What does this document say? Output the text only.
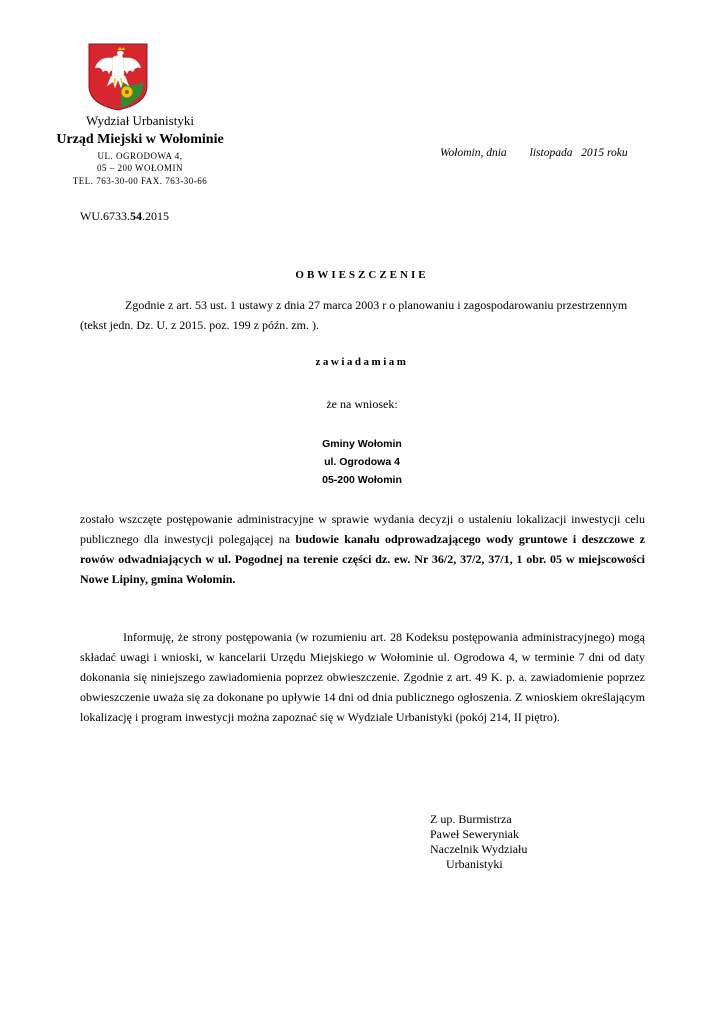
Wydział Urbanistyki
Urząd Miejski w Wołominie
UL. OGRODOWA 4,
05 – 200 WOŁOMIN
TEL. 763-30-00 FAX. 763-30-66
Wołomin, dnia        listopada   2015 roku
WU.6733.54.2015
OBWIESZCZENIE
Zgodnie z art. 53 ust. 1 ustawy z dnia 27 marca 2003 r o planowaniu i zagospodarowaniu przestrzennym (tekst jedn. Dz. U. z 2015. poz. 199 z późn. zm. ).
zawiadamiam
że na wniosek:
Gminy Wołomin
ul. Ogrodowa 4
05-200 Wołomin
zostało wszczęte postępowanie administracyjne w sprawie wydania decyzji o ustaleniu lokalizacji inwestycji celu publicznego dla inwestycji polegającej na budowie kanału odprowadzającego wody gruntowe i deszczowe z rowów odwadniających w ul. Pogodnej na terenie części dz. ew. Nr 36/2, 37/2, 37/1, 1 obr. 05 w miejscowości Nowe Lipiny, gmina Wołomin.
Informuję, że strony postępowania (w rozumieniu art. 28 Kodeksu postępowania administracyjnego) mogą składać uwagi i wnioski, w kancelarii Urzędu Miejskiego w Wołominie ul. Ogrodowa 4, w terminie 7 dni od daty dokonania się niniejszego zawiadomienia poprzez obwieszczenie. Zgodnie z art. 49 K. p. a. zawiadomienie poprzez obwieszczenie uważa się za dokonane po upływie 14 dni od dnia publicznego ogłoszenia. Z wnioskiem określającym lokalizację i program inwestycji można zapoznać się w Wydziale Urbanistyki (pokój 214, II piętro).
Z up. Burmistrza
Paweł Seweryniak
Naczelnik Wydziału
Urbanistyki
